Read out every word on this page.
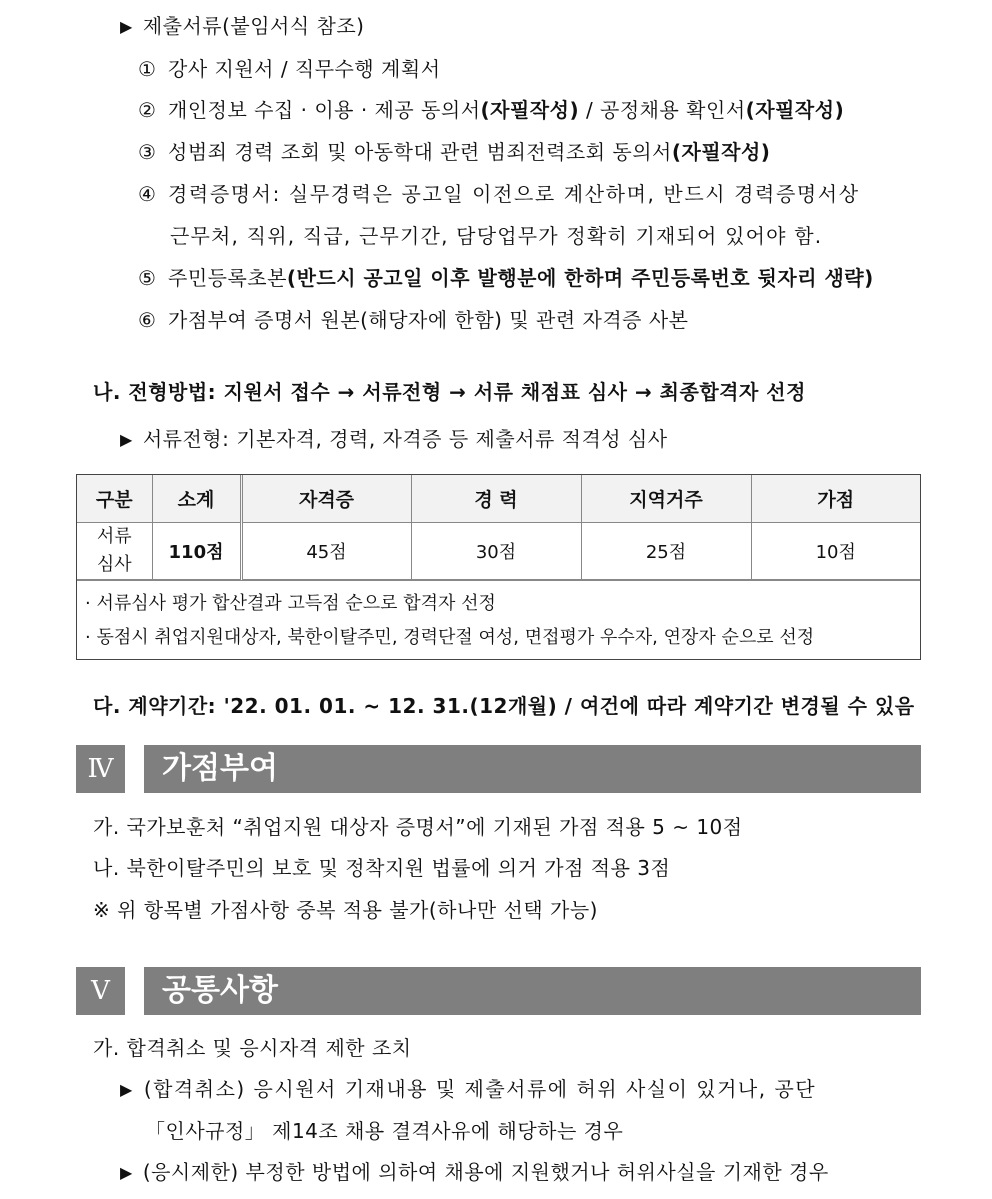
▶ 제출서류(붙임서식 참조)
① 강사 지원서 / 직무수행 계획서
② 개인정보 수집 · 이용 · 제공 동의서(자필작성) / 공정채용 확인서(자필작성)
③ 성범죄 경력 조회 및 아동학대 관련 범죄전력조회 동의서(자필작성)
④ 경력증명서: 실무경력은 공고일 이전으로 계산하며, 반드시 경력증명서상
근무처, 직위, 직급, 근무기간, 담당업무가 정확히 기재되어 있어야 함.
⑤ 주민등록초본(반드시 공고일 이후 발행분에 한하며 주민등록번호 뒷자리 생략)
⑥ 가점부여 증명서 원본(해당자에 한함) 및 관련 자격증 사본
나. 전형방법: 지원서 접수 → 서류전형 → 서류 채점표 심사 → 최종합격자 선정
▶ 서류전형: 기본자격, 경력, 자격증 등 제출서류 적격성 심사
구분	소계	자격증	경 력	지역거주	가점

서류
심사	110점	45점	30점	25점	10점
· 서류심사 평가 합산결과 고득점 순으로 합격자 선정
· 동점시 취업지원대상자, 북한이탈주민, 경력단절 여성, 면접평가 우수자, 연장자 순으로 선정
다. 계약기간: '22. 01. 01. ~ 12. 31.(12개월) / 여건에 따라 계약기간 변경될 수 있음
Ⅳ	가점부여
가. 국가보훈처 “취업지원 대상자 증명서”에 기재된 가점 적용 5 ~ 10점
나. 북한이탈주민의 보호 및 정착지원 법률에 의거 가점 적용 3점
※ 위 항목별 가점사항 중복 적용 불가(하나만 선택 가능)
Ⅴ	공통사항
가. 합격취소 및 응시자격 제한 조치
▶ (합격취소) 응시원서 기재내용 및 제출서류에 허위 사실이 있거나, 공단
「인사규정」 제14조 채용 결격사유에 해당하는 경우
▶ (응시제한) 부정한 방법에 의하여 채용에 지원했거나 허위사실을 기재한 경우
